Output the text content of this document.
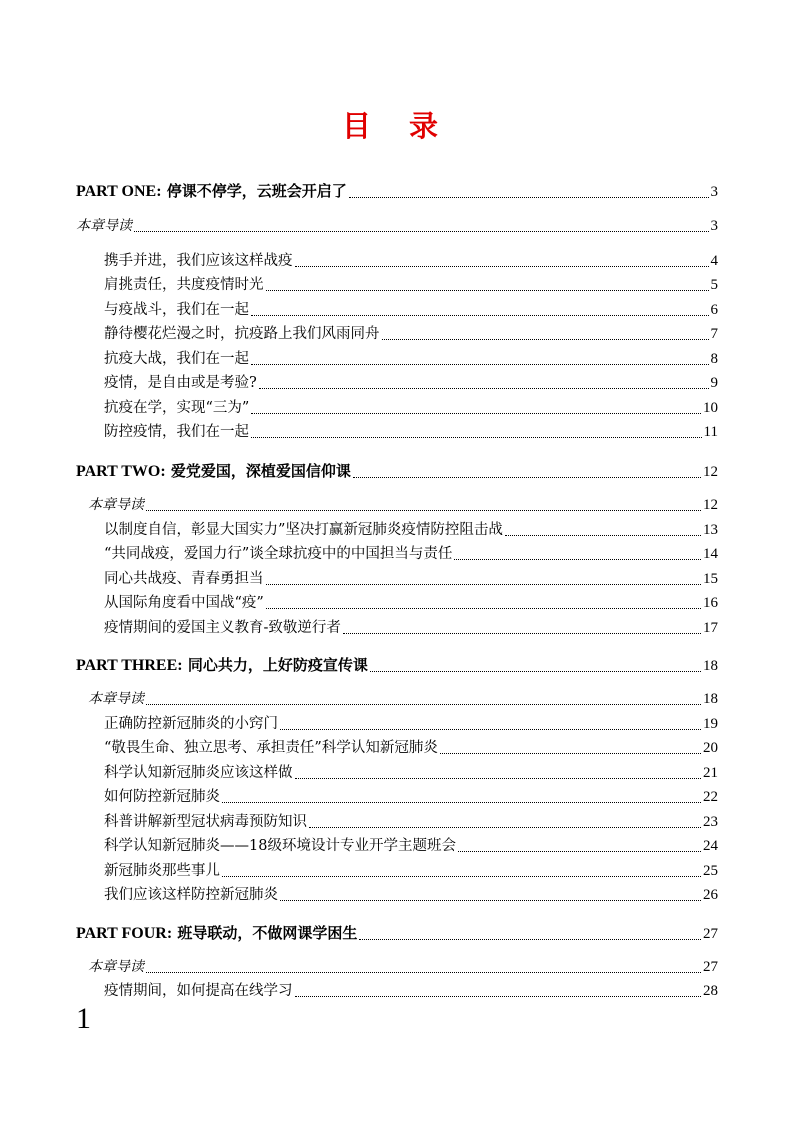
目 录
PART ONE: 停课不停学，云班会开启了	3
本章导读	3
携手并进，我们应该这样战疫	4
肩挑责任，共度疫情时光	5
与疫战斗，我们在一起	6
静待樱花烂漫之时，抗疫路上我们风雨同舟	7
抗疫大战，我们在一起	8
疫情，是自由或是考验?	9
抗疫在学，实现“三为”	10
防控疫情，我们在一起	11
PART TWO: 爱党爱国，深植爱国信仰课	12
本章导读	12
以制度自信，彰显大国实力”坚决打赢新冠肺炎疫情防控阻击战	13
“共同战疫，爱国力行”谈全球抗疫中的中国担当与责任	14
同心共战疫、青春勇担当	15
从国际角度看中国战“疫”	16
疫情期间的爱国主义教育-致敬逆行者	17
PART THREE: 同心共力，上好防疫宣传课	18
本章导读	18
正确防控新冠肺炎的小窍门	19
“敬畏生命、独立思考、承担责任”科学认知新冠肺炎	20
科学认知新冠肺炎应该这样做	21
如何防控新冠肺炎	22
科普讲解新型冠状病毒预防知识	23
科学认知新冠肺炎——18级环境设计专业开学主题班会	24
新冠肺炎那些事儿	25
我们应该这样防控新冠肺炎	26
PART FOUR: 班导联动，不做网课学困生	27
本章导读	27
疫情期间，如何提高在线学习	28
1
